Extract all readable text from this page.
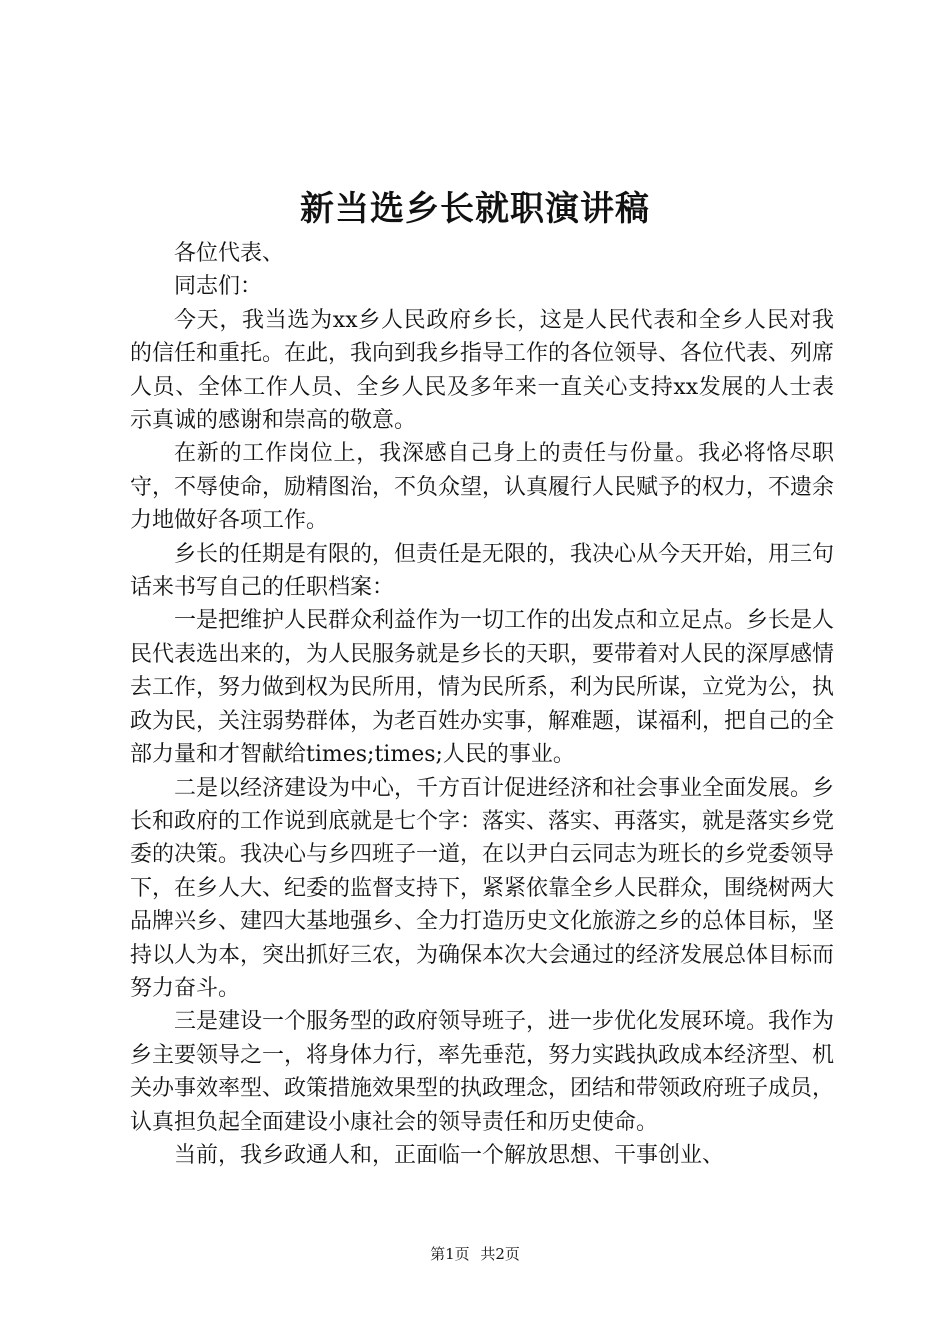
新当选乡长就职演讲稿

各位代表、

同志们：

今天，我当选为xx乡人民政府乡长，这是人民代表和全乡人民对我的信任和重托。在此，我向到我乡指导工作的各位领导、各位代表、列席人员、全体工作人员、全乡人民及多年来一直关心支持xx发展的人士表示真诚的感谢和崇高的敬意。

在新的工作岗位上，我深感自己身上的责任与份量。我必将恪尽职守，不辱使命，励精图治，不负众望，认真履行人民赋予的权力，不遗余力地做好各项工作。

乡长的任期是有限的，但责任是无限的，我决心从今天开始，用三句话来书写自己的任职档案：

一是把维护人民群众利益作为一切工作的出发点和立足点。乡长是人民代表选出来的，为人民服务就是乡长的天职，要带着对人民的深厚感情去工作，努力做到权为民所用，情为民所系，利为民所谋，立党为公，执政为民，关注弱势群体，为老百姓办实事，解难题，谋福利，把自己的全部力量和才智献给times;times;人民的事业。

二是以经济建设为中心，千方百计促进经济和社会事业全面发展。乡长和政府的工作说到底就是七个字：落实、落实、再落实，就是落实乡党委的决策。我决心与乡四班子一道，在以尹白云同志为班长的乡党委领导下，在乡人大、纪委的监督支持下，紧紧依靠全乡人民群众，围绕树两大品牌兴乡、建四大基地强乡、全力打造历史文化旅游之乡的总体目标，坚持以人为本，突出抓好三农，为确保本次大会通过的经济发展总体目标而努力奋斗。

三是建设一个服务型的政府领导班子，进一步优化发展环境。我作为乡主要领导之一，将身体力行，率先垂范，努力实践执政成本经济型、机关办事效率型、政策措施效果型的执政理念，团结和带领政府班子成员，认真担负起全面建设小康社会的领导责任和历史使命。

当前，我乡政通人和，正面临一个解放思想、干事创业、

第1页 共2页
